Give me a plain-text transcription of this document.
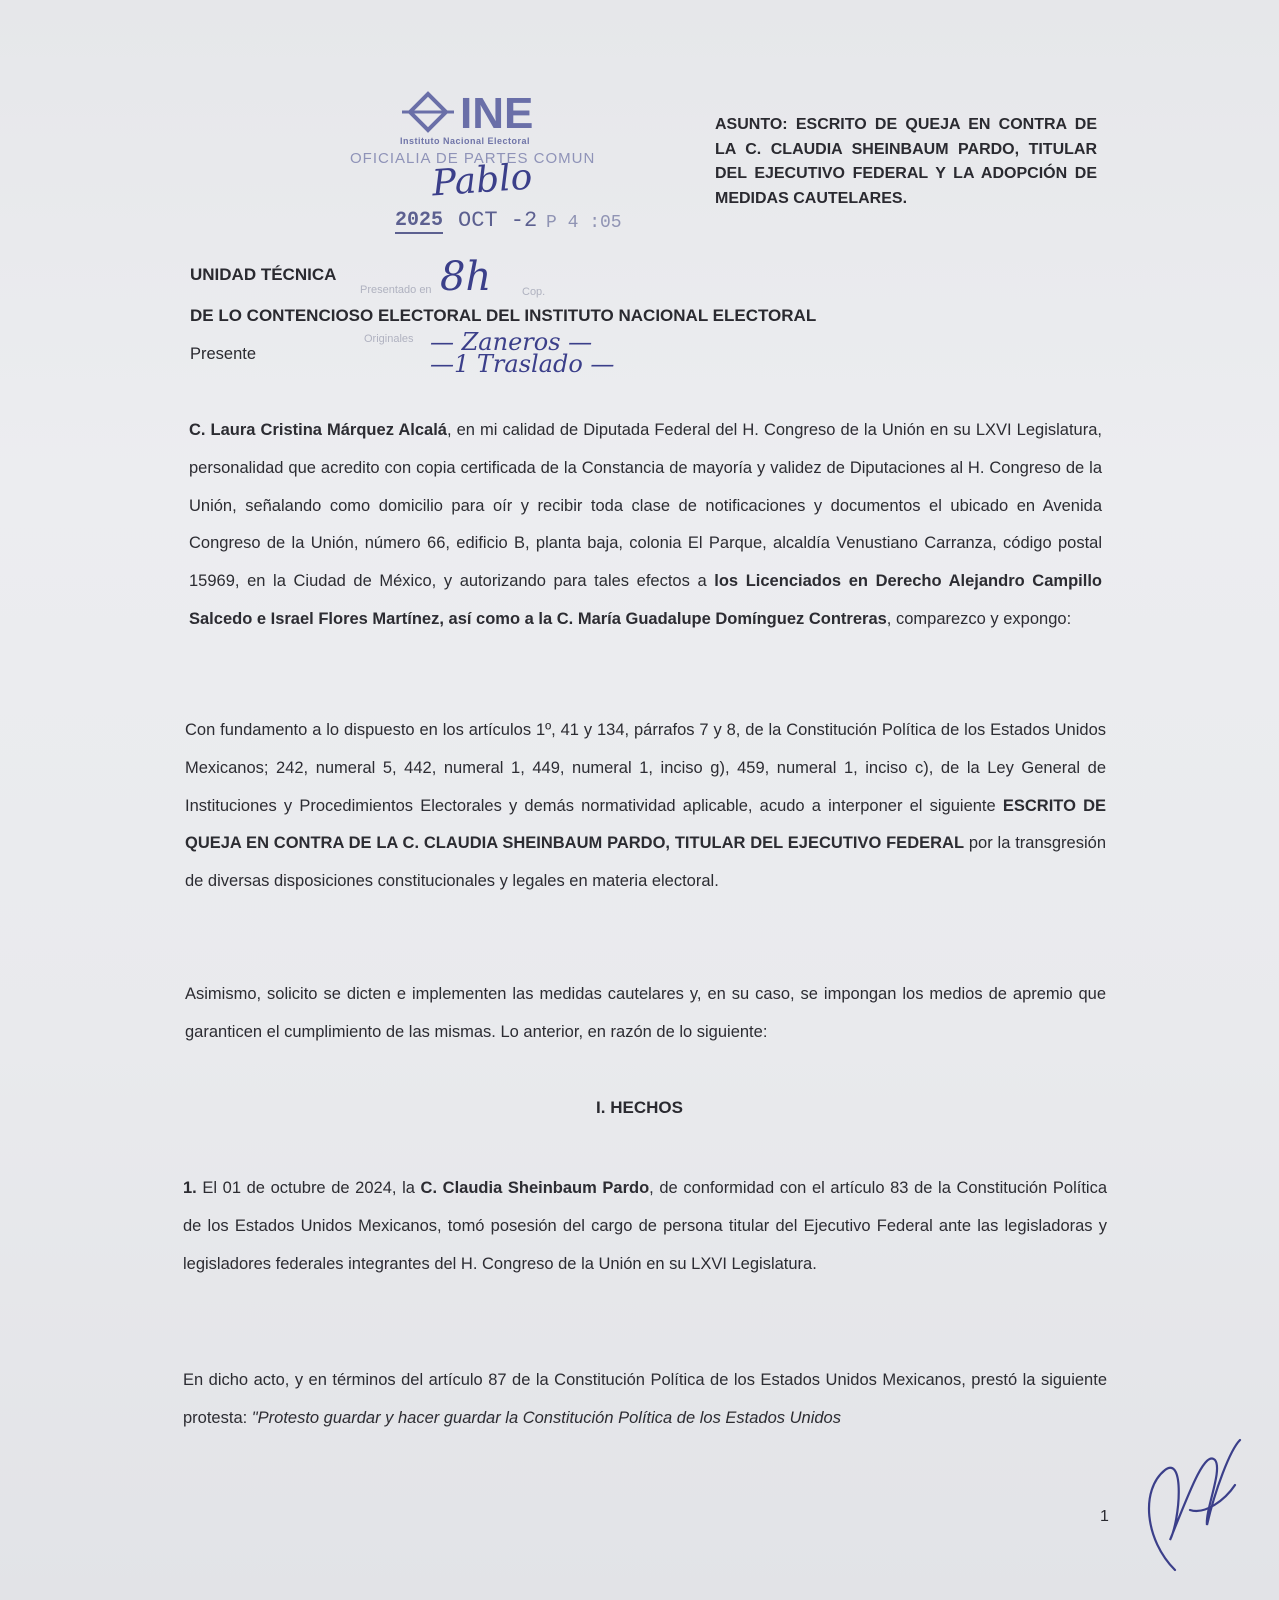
INE
Instituto Nacional Electoral
OFICIALIA DE PARTES COMUN
2025 OCT -2 P 4 :05
Pablo
8h
— Zaneros —
—1 Traslado —
Presentado en	Cop.
Originales
ASUNTO: ESCRITO DE QUEJA EN CONTRA DE LA C. CLAUDIA SHEINBAUM PARDO, TITULAR DEL EJECUTIVO FEDERAL Y LA ADOPCIÓN DE MEDIDAS CAUTELARES.
UNIDAD TÉCNICA
DE LO CONTENCIOSO ELECTORAL DEL INSTITUTO NACIONAL ELECTORAL
Presente
C. Laura Cristina Márquez Alcalá, en mi calidad de Diputada Federal del H. Congreso de la Unión en su LXVI Legislatura, personalidad que acredito con copia certificada de la Constancia de mayoría y validez de Diputaciones al H. Congreso de la Unión, señalando como domicilio para oír y recibir toda clase de notificaciones y documentos el ubicado en Avenida Congreso de la Unión, número 66, edificio B, planta baja, colonia El Parque, alcaldía Venustiano Carranza, código postal 15969, en la Ciudad de México, y autorizando para tales efectos a los Licenciados en Derecho Alejandro Campillo Salcedo e Israel Flores Martínez, así como a la C. María Guadalupe Domínguez Contreras, comparezco y expongo:
Con fundamento a lo dispuesto en los artículos 1º, 41 y 134, párrafos 7 y 8, de la Constitución Política de los Estados Unidos Mexicanos; 242, numeral 5, 442, numeral 1, 449, numeral 1, inciso g), 459, numeral 1, inciso c), de la Ley General de Instituciones y Procedimientos Electorales y demás normatividad aplicable, acudo a interponer el siguiente ESCRITO DE QUEJA EN CONTRA DE LA C. CLAUDIA SHEINBAUM PARDO, TITULAR DEL EJECUTIVO FEDERAL por la transgresión de diversas disposiciones constitucionales y legales en materia electoral.
Asimismo, solicito se dicten e implementen las medidas cautelares y, en su caso, se impongan los medios de apremio que garanticen el cumplimiento de las mismas. Lo anterior, en razón de lo siguiente:
I. HECHOS
1. El 01 de octubre de 2024, la C. Claudia Sheinbaum Pardo, de conformidad con el artículo 83 de la Constitución Política de los Estados Unidos Mexicanos, tomó posesión del cargo de persona titular del Ejecutivo Federal ante las legisladoras y legisladores federales integrantes del H. Congreso de la Unión en su LXVI Legislatura.
En dicho acto, y en términos del artículo 87 de la Constitución Política de los Estados Unidos Mexicanos, prestó la siguiente protesta: "Protesto guardar y hacer guardar la Constitución Política de los Estados Unidos
1
